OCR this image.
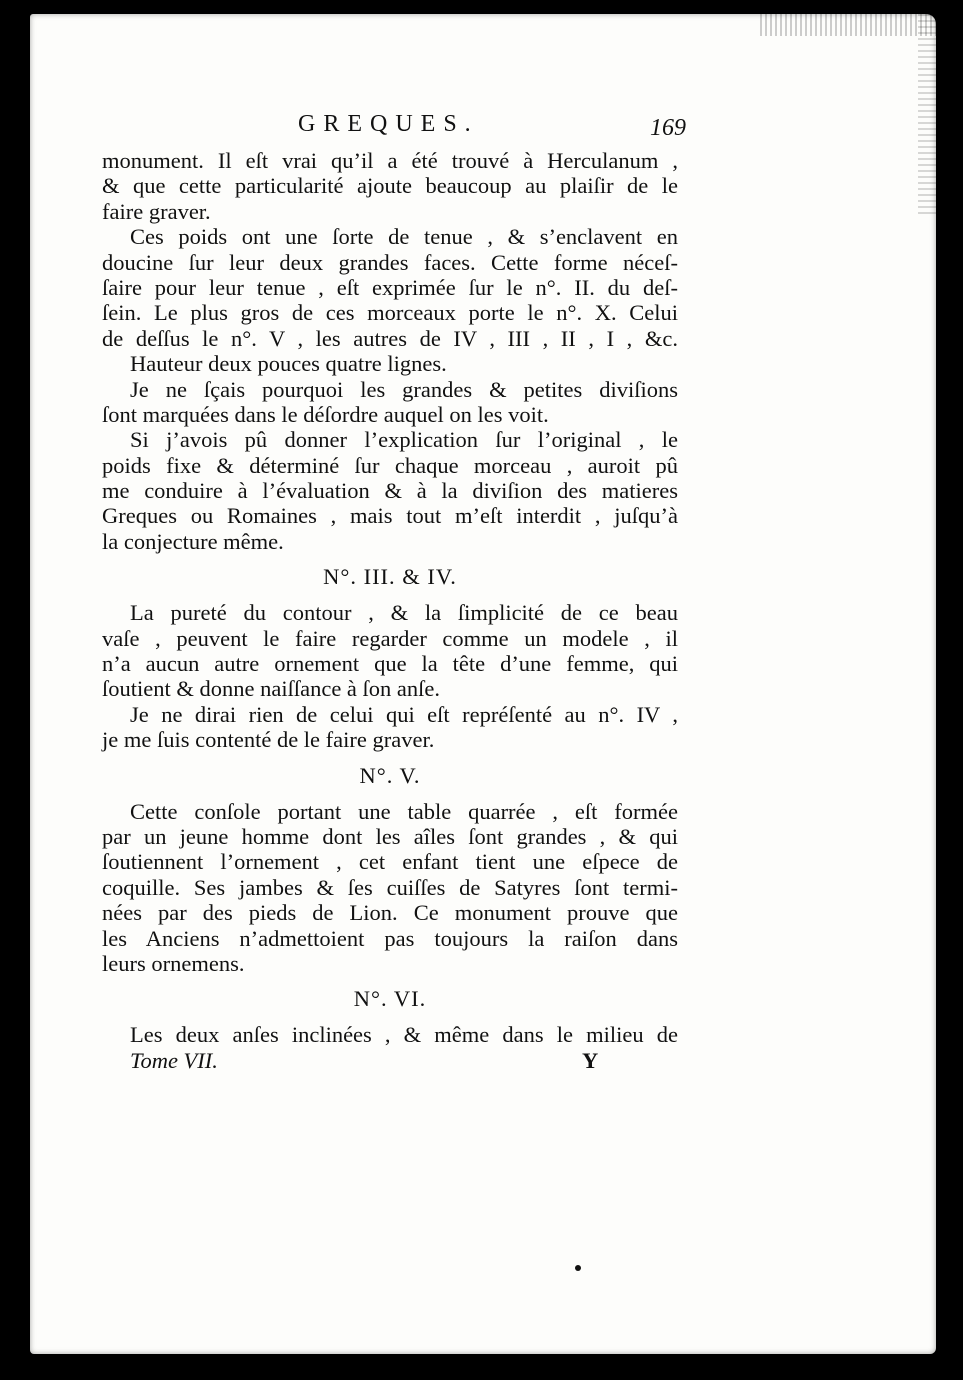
GREQUES.	169
monument. Il eſt vrai qu’il a été trouvé à Herculanum ,
& que cette particularité ajoute beaucoup au plaiſir de le
faire graver.
Ces poids ont une ſorte de tenue , & s’enclavent en
doucine ſur leur deux grandes faces. Cette forme néceſ-
ſaire pour leur tenue , eſt exprimée ſur le n°. II. du deſ-
ſein. Le plus gros de ces morceaux porte le n°. X. Celui
de deſſus le n°. V , les autres de IV , III , II , I , &c.
Hauteur deux pouces quatre lignes.
Je ne ſçais pourquoi les grandes & petites diviſions
ſont marquées dans le déſordre auquel on les voit.
Si j’avois pû donner l’explication ſur l’original , le
poids fixe & déterminé ſur chaque morceau , auroit pû
me conduire à l’évaluation & à la diviſion des matieres
Greques ou Romaines , mais tout m’eſt interdit , juſqu’à
la conjecture même.
N°. III. & IV.
La pureté du contour , & la ſimplicité de ce beau
vaſe , peuvent le faire regarder comme un modele , il
n’a aucun autre ornement que la tête d’une femme, qui
ſoutient & donne naiſſance à ſon anſe.
Je ne dirai rien de celui qui eſt repréſenté au n°. IV ,
je me ſuis contenté de le faire graver.
N°. V.
Cette conſole portant une table quarrée , eſt formée
par un jeune homme dont les aîles ſont grandes , & qui
ſoutiennent l’ornement , cet enfant tient une eſpece de
coquille. Ses jambes & ſes cuiſſes de Satyres ſont termi-
nées par des pieds de Lion. Ce monument prouve que
les Anciens n’admettoient pas toujours la raiſon dans
leurs ornemens.
N°. VI.
Les deux anſes inclinées , & même dans le milieu de
Tome VII.	Y
